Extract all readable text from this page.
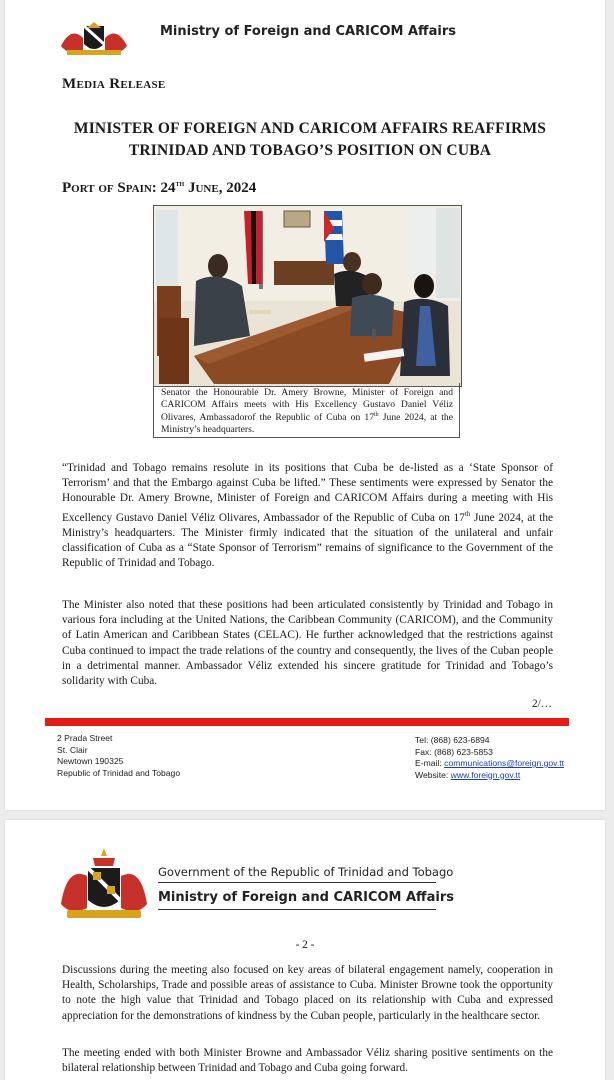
Ministry of Foreign and CARICOM Affairs
Media Release
MINISTER OF FOREIGN AND CARICOM AFFAIRS REAFFIRMS
TRINIDAD AND TOBAGO’S POSITION ON CUBA
Port of Spain: 24th June, 2024
Senator the Honourable Dr. Amery Browne, Minister of Foreign and CARICOM Affairs meets with His Excellency Gustavo Daniel Véliz Olivares, Ambassadorof the Republic of Cuba on 17th June 2024, at the Ministry’s headquarters.
“Trinidad and Tobago remains resolute in its positions that Cuba be de-listed as a ‘State Sponsor of Terrorism’ and that the Embargo against Cuba be lifted.” These sentiments were expressed by Senator the Honourable Dr. Amery Browne, Minister of Foreign and CARICOM Affairs during a meeting with His Excellency Gustavo Daniel Véliz Olivares, Ambassador of the Republic of Cuba on 17th June 2024, at the Ministry’s headquarters. The Minister firmly indicated that the situation of the unilateral and unfair classification of Cuba as a “State Sponsor of Terrorism” remains of significance to the Government of the Republic of Trinidad and Tobago.
The Minister also noted that these positions had been articulated consistently by Trinidad and Tobago in various fora including at the United Nations, the Caribbean Community (CARICOM), and the Community of Latin American and Caribbean States (CELAC). He further acknowledged that the restrictions against Cuba continued to impact the trade relations of the country and consequently, the lives of the Cuban people in a detrimental manner. Ambassador Véliz extended his sincere gratitude for Trinidad and Tobago’s solidarity with Cuba.
2/…
2 Prada Street
St. Clair
Newtown 190325
Republic of Trinidad and Tobago
Tel: (868) 623-6894
Fax: (868) 623-5853
E-mail: communications@foreign.gov.tt
Website: www.foreign.gov.tt
Government of the Republic of Trinidad and Tobago
Ministry of Foreign and CARICOM Affairs
- 2 -
Discussions during the meeting also focused on key areas of bilateral engagement namely, cooperation in Health, Scholarships, Trade and possible areas of assistance to Cuba. Minister Browne took the opportunity to note the high value that Trinidad and Tobago placed on its relationship with Cuba and expressed appreciation for the demonstrations of kindness by the Cuban people, particularly in the healthcare sector.
The meeting ended with both Minister Browne and Ambassador Véliz sharing positive sentiments on the bilateral relationship between Trinidad and Tobago and Cuba going forward.
